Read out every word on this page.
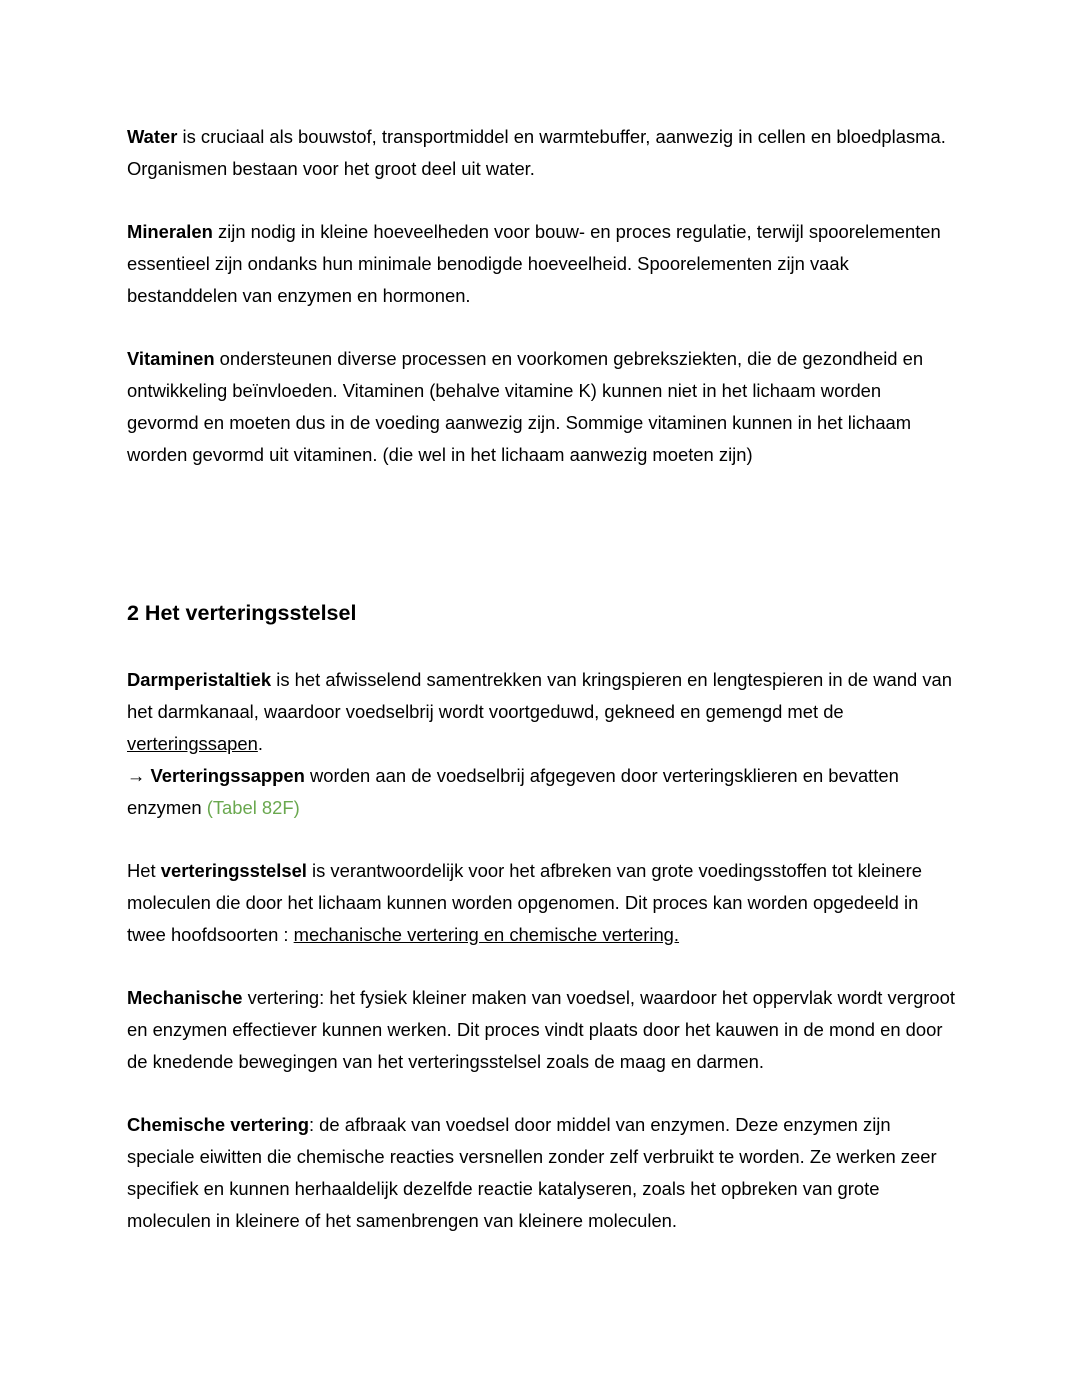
Water is cruciaal als bouwstof, transportmiddel en warmtebuffer, aanwezig in cellen en bloedplasma. Organismen bestaan voor het groot deel uit water.

Mineralen zijn nodig in kleine hoeveelheden voor bouw- en proces regulatie, terwijl spoorelementen essentieel zijn ondanks hun minimale benodigde hoeveelheid. Spoorelementen zijn vaak bestanddelen van enzymen en hormonen.

Vitaminen ondersteunen diverse processen en voorkomen gebreksziekten, die de gezondheid en ontwikkeling beïnvloeden. Vitaminen (behalve vitamine K) kunnen niet in het lichaam worden gevormd en moeten dus in de voeding aanwezig zijn. Sommige vitaminen kunnen in het lichaam worden gevormd uit vitaminen. (die wel in het lichaam aanwezig moeten zijn)

2 Het verteringsstelsel

Darmperistaltiek is het afwisselend samentrekken van kringspieren en lengtespieren in de wand van het darmkanaal, waardoor voedselbrij wordt voortgeduwd, gekneed en gemengd met de verteringssapen.

→ Verteringssappen worden aan de voedselbrij afgegeven door verteringsklieren en bevatten enzymen (Tabel 82F)

Het verteringsstelsel is verantwoordelijk voor het afbreken van grote voedingsstoffen tot kleinere moleculen die door het lichaam kunnen worden opgenomen. Dit proces kan worden opgedeeld in twee hoofdsoorten : mechanische vertering en chemische vertering.

Mechanische vertering: het fysiek kleiner maken van voedsel, waardoor het oppervlak wordt vergroot en enzymen effectiever kunnen werken. Dit proces vindt plaats door het kauwen in de mond en door de knedende bewegingen van het verteringsstelsel zoals de maag en darmen.

Chemische vertering: de afbraak van voedsel door middel van enzymen. Deze enzymen zijn speciale eiwitten die chemische reacties versnellen zonder zelf verbruikt te worden. Ze werken zeer specifiek en kunnen herhaaldelijk dezelfde reactie katalyseren, zoals het opbreken van grote moleculen in kleinere of het samenbrengen van kleinere moleculen.
